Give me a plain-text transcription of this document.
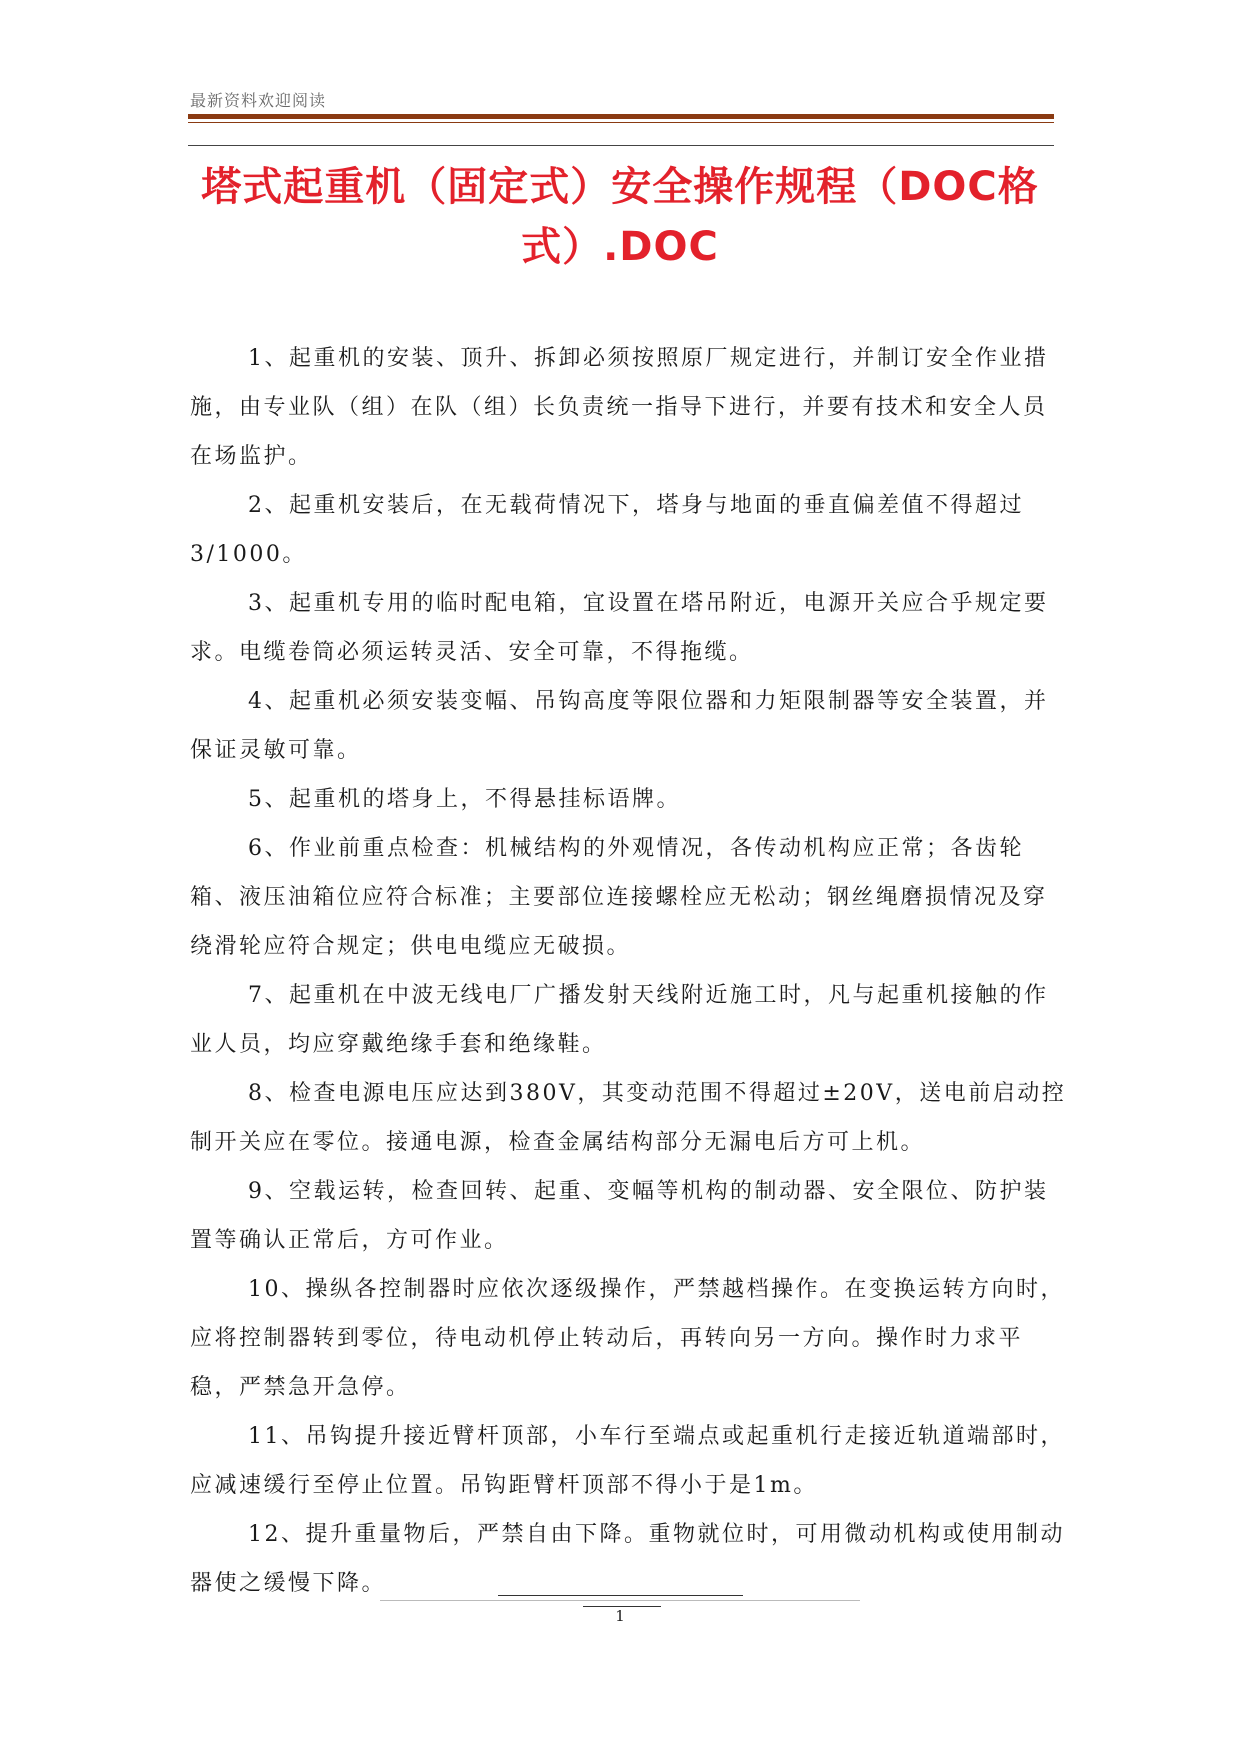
最新资料欢迎阅读
塔式起重机（固定式）安全操作规程（DOC格式）.DOC

1、起重机的安装、顶升、拆卸必须按照原厂规定进行，并制订安全作业措施，由专业队（组）在队（组）长负责统一指导下进行，并要有技术和安全人员在场监护。

2、起重机安装后，在无载荷情况下，塔身与地面的垂直偏差值不得超过3/1000。

3、起重机专用的临时配电箱，宜设置在塔吊附近，电源开关应合乎规定要求。电缆卷筒必须运转灵活、安全可靠，不得拖缆。

4、起重机必须安装变幅、吊钩高度等限位器和力矩限制器等安全装置，并保证灵敏可靠。

5、起重机的塔身上，不得悬挂标语牌。

6、作业前重点检查：机械结构的外观情况，各传动机构应正常；各齿轮箱、液压油箱位应符合标准；主要部位连接螺栓应无松动；钢丝绳磨损情况及穿绕滑轮应符合规定；供电电缆应无破损。

7、起重机在中波无线电厂广播发射天线附近施工时，凡与起重机接触的作业人员，均应穿戴绝缘手套和绝缘鞋。

8、检查电源电压应达到380V，其变动范围不得超过±20V，送电前启动控制开关应在零位。接通电源，检查金属结构部分无漏电后方可上机。

9、空载运转，检查回转、起重、变幅等机构的制动器、安全限位、防护装置等确认正常后，方可作业。

10、操纵各控制器时应依次逐级操作，严禁越档操作。在变换运转方向时，应将控制器转到零位，待电动机停止转动后，再转向另一方向。操作时力求平稳，严禁急开急停。

11、吊钩提升接近臂杆顶部，小车行至端点或起重机行走接近轨道端部时，应减速缓行至停止位置。吊钩距臂杆顶部不得小于是1m。

12、提升重量物后，严禁自由下降。重物就位时，可用微动机构或使用制动器使之缓慢下降。

1
